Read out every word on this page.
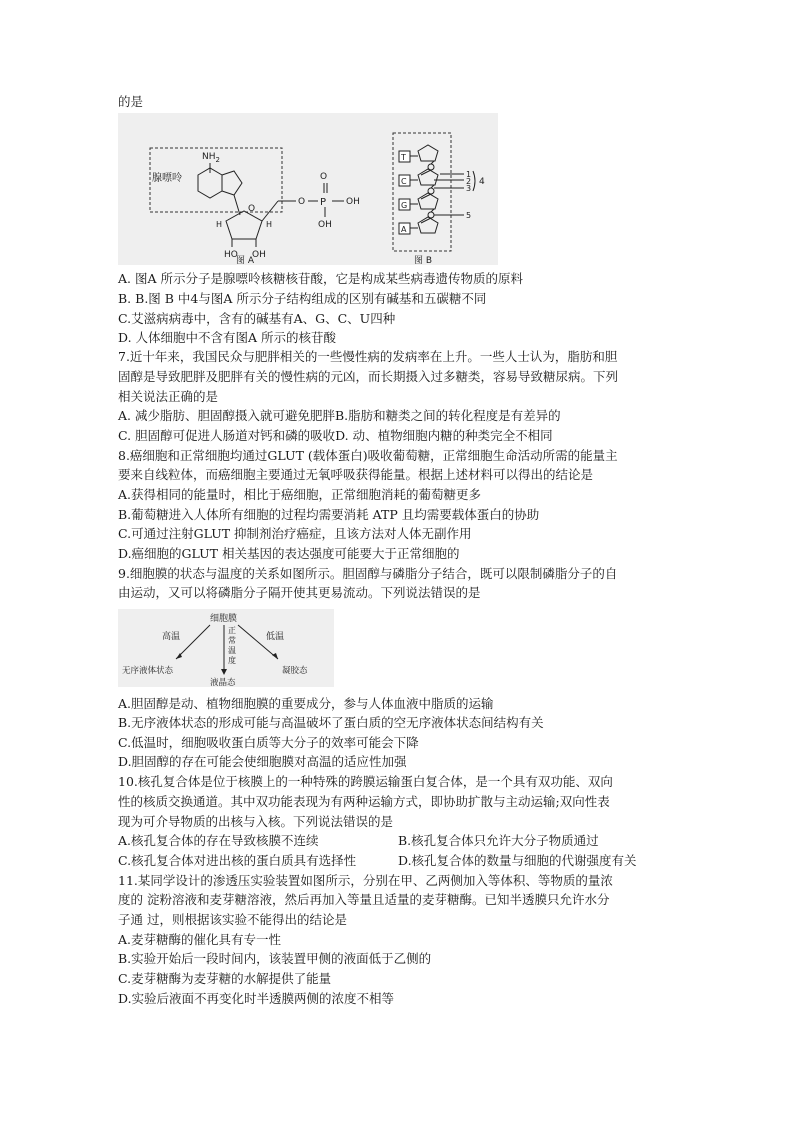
的是
腺嘌呤
$NH_2$
O
H	H
HO OH
O P
O
OH
OH
图 A
T
C
G
A
1
2
3
4
5
图 B
A. 图A 所示分子是腺嘌呤核糖核苷酸，它是构成某些病毒遗传物质的原料
B. B.图 B 中4与图A 所示分子结构组成的区别有碱基和五碳糖不同
C.艾滋病病毒中，含有的碱基有A、G、C、U四种
D. 人体细胞中不含有图A 所示的核苷酸
7.近十年来，我国民众与肥胖相关的一些慢性病的发病率在上升。一些人士认为，脂肪和胆
固醇是导致肥胖及肥胖有关的慢性病的元凶，而长期摄入过多糖类，容易导致糖尿病。下列
相关说法正确的是
A. 减少脂肪、胆固醇摄入就可避免肥胖B.脂肪和糖类之间的转化程度是有差异的
C. 胆固醇可促进人肠道对钙和磷的吸收D. 动、植物细胞内糖的种类完全不相同
8.癌细胞和正常细胞均通过GLUT (载体蛋白)吸收葡萄糖，正常细胞生命活动所需的能量主
要来自线粒体，而癌细胞主要通过无氧呼吸获得能量。根据上述材料可以得出的结论是
A.获得相同的能量时，相比于癌细胞，正常细胞消耗的葡萄糖更多
B.葡萄糖进入人体所有细胞的过程均需要消耗 ATP 且均需要载体蛋白的协助
C.可通过注射GLUT 抑制剂治疗癌症，且该方法对人体无副作用
D.癌细胞的GLUT 相关基因的表达强度可能要大于正常细胞的
9.细胞膜的状态与温度的关系如图所示。胆固醇与磷脂分子结合，既可以限制磷脂分子的自
由运动，又可以将磷脂分子隔开使其更易流动。下列说法错误的是
细胞膜
高温	低温
正
常
温
度
无序液体状态
液晶态
凝胶态
A.胆固醇是动、植物细胞膜的重要成分，参与人体血液中脂质的运输
B.无序液体状态的形成可能与高温破坏了蛋白质的空无序液体状态间结构有关
C.低温时，细胞吸收蛋白质等大分子的效率可能会下降
D.胆固醇的存在可能会使细胞膜对高温的适应性加强
10.核孔复合体是位于核膜上的一种特殊的跨膜运输蛋白复合体，是一个具有双功能、双向
性的核质交换通道。其中双功能表现为有两种运输方式，即协助扩散与主动运输;双向性表
现为可介导物质的出核与入核。下列说法错误的是
A.核孔复合体的存在导致核膜不连续	B.核孔复合体只允许大分子物质通过
C.核孔复合体对进出核的蛋白质具有选择性	D.核孔复合体的数量与细胞的代谢强度有关
11.某同学设计的渗透压实验装置如图所示，分别在甲、乙两侧加入等体积、等物质的量浓
度的 淀粉溶液和麦芽糖溶液，然后再加入等量且适量的麦芽糖酶。已知半透膜只允许水分
子通 过，则根据该实验不能得出的结论是
A.麦芽糖酶的催化具有专一性
B.实验开始后一段时间内，该装置甲侧的液面低于乙侧的
C.麦芽糖酶为麦芽糖的水解提供了能量
D.实验后液面不再变化时半透膜两侧的浓度不相等
